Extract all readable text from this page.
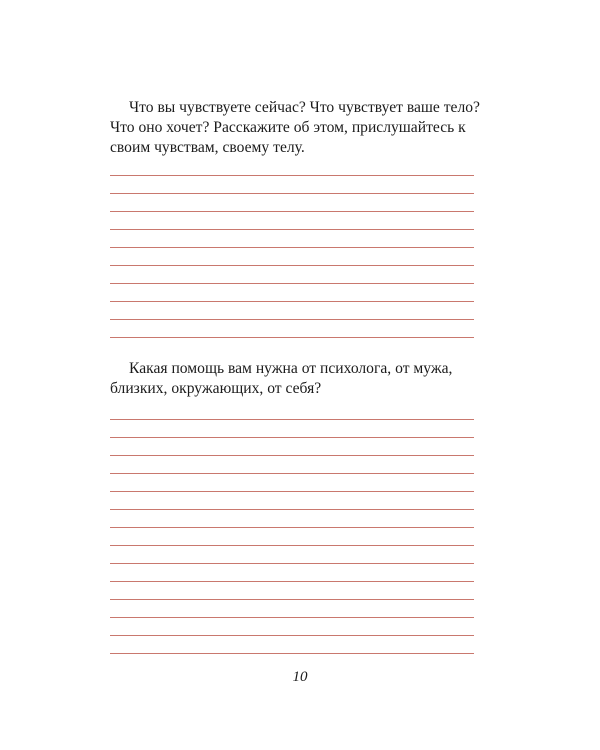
Что вы чувствуете сейчас? Что чувствует ваше тело? Что оно хочет? Расскажите об этом, прислушайтесь к своим чувствам, своему телу.

Какая помощь вам нужна от психолога, от мужа, близких, окружающих, от себя?

10
